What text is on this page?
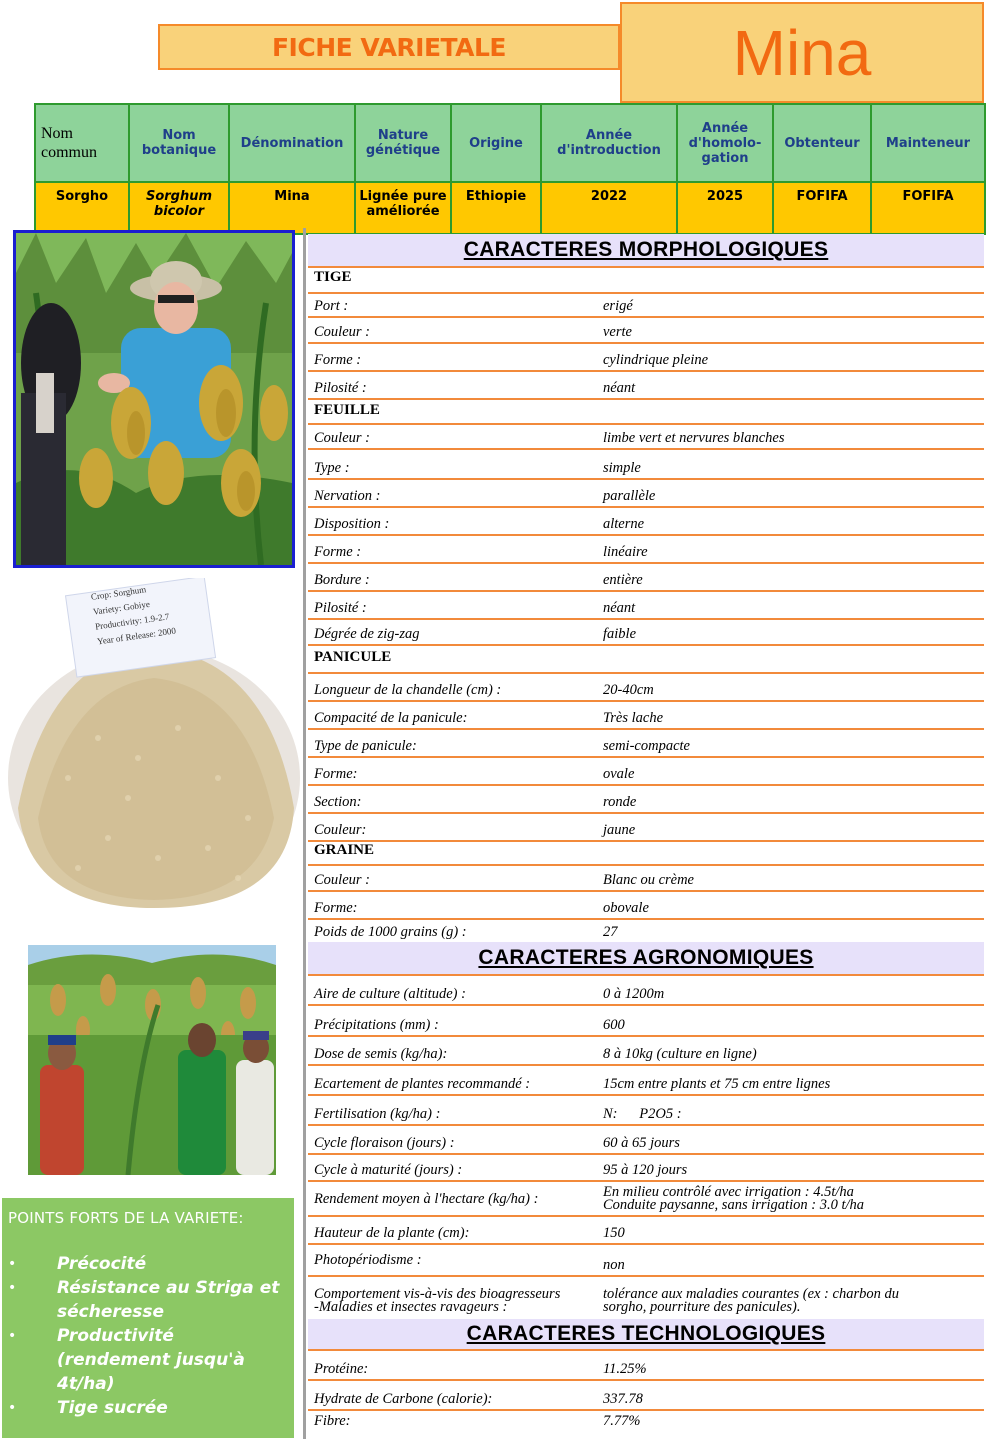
FICHE VARIETALE	Mina
Nom commun	Nom botanique	Dénomination	Nature génétique	Origine	Année d'introduction	Année d'homolo-gation	Obtenteur	Mainteneur
Sorgho	Sorghum bicolor	Mina	Lignée pure améliorée	Ethiopie	2022	2025	FOFIFA	FOFIFA
Crop: Sorghum
Variety: Gobiye
Productivity: 1.9-2.7
Year of Release: 2000
POINTS FORTS DE LA VARIETE:
• Précocité
• Résistance au Striga et sécheresse
• Productivité (rendement jusqu'à 4t/ha)
• Tige sucrée
CARACTERES MORPHOLOGIQUES
TIGE
Port :	erigé
Couleur :	verte
Forme :	cylindrique pleine
Pilosité :	néant
FEUILLE
Couleur :	limbe vert et nervures blanches
Type :	simple
Nervation :	parallèle
Disposition :	alterne
Forme :	linéaire
Bordure :	entière
Pilosité :	néant
Dégrée de zig-zag	faible
PANICULE
Longueur de la chandelle (cm) :	20-40cm
Compacité de la panicule:	Très lache
Type de panicule:	semi-compacte
Forme:	ovale
Section:	ronde
Couleur:	jaune
GRAINE
Couleur :	Blanc ou crème
Forme:	obovale
Poids de 1000 grains (g) :	27
CARACTERES AGRONOMIQUES
Aire de culture (altitude) :	0 à 1200m
Précipitations (mm) :	600
Dose de semis (kg/ha):	8 à 10kg (culture en ligne)
Ecartement de plantes recommandé :	15cm entre plants et 75 cm entre lignes
Fertilisation (kg/ha) :	N:      P2O5 :
Cycle floraison (jours) :	60 à 65 jours
Cycle à maturité (jours) :	95 à 120 jours
Rendement moyen à l'hectare (kg/ha) :	En milieu contrôlé avec irrigation : 4.5t/ha
Conduite paysanne, sans irrigation : 3.0 t/ha
Hauteur de la plante (cm):	150
Photopériodisme :	non
Comportement vis-à-vis des bioagresseurs
-Maladies et insectes ravageurs :
tolérance aux maladies courantes (ex : charbon du
sorgho, pourriture des panicules).
CARACTERES TECHNOLOGIQUES
Protéine:	11.25%
Hydrate de Carbone (calorie):	337.78
Fibre:	7.77%
